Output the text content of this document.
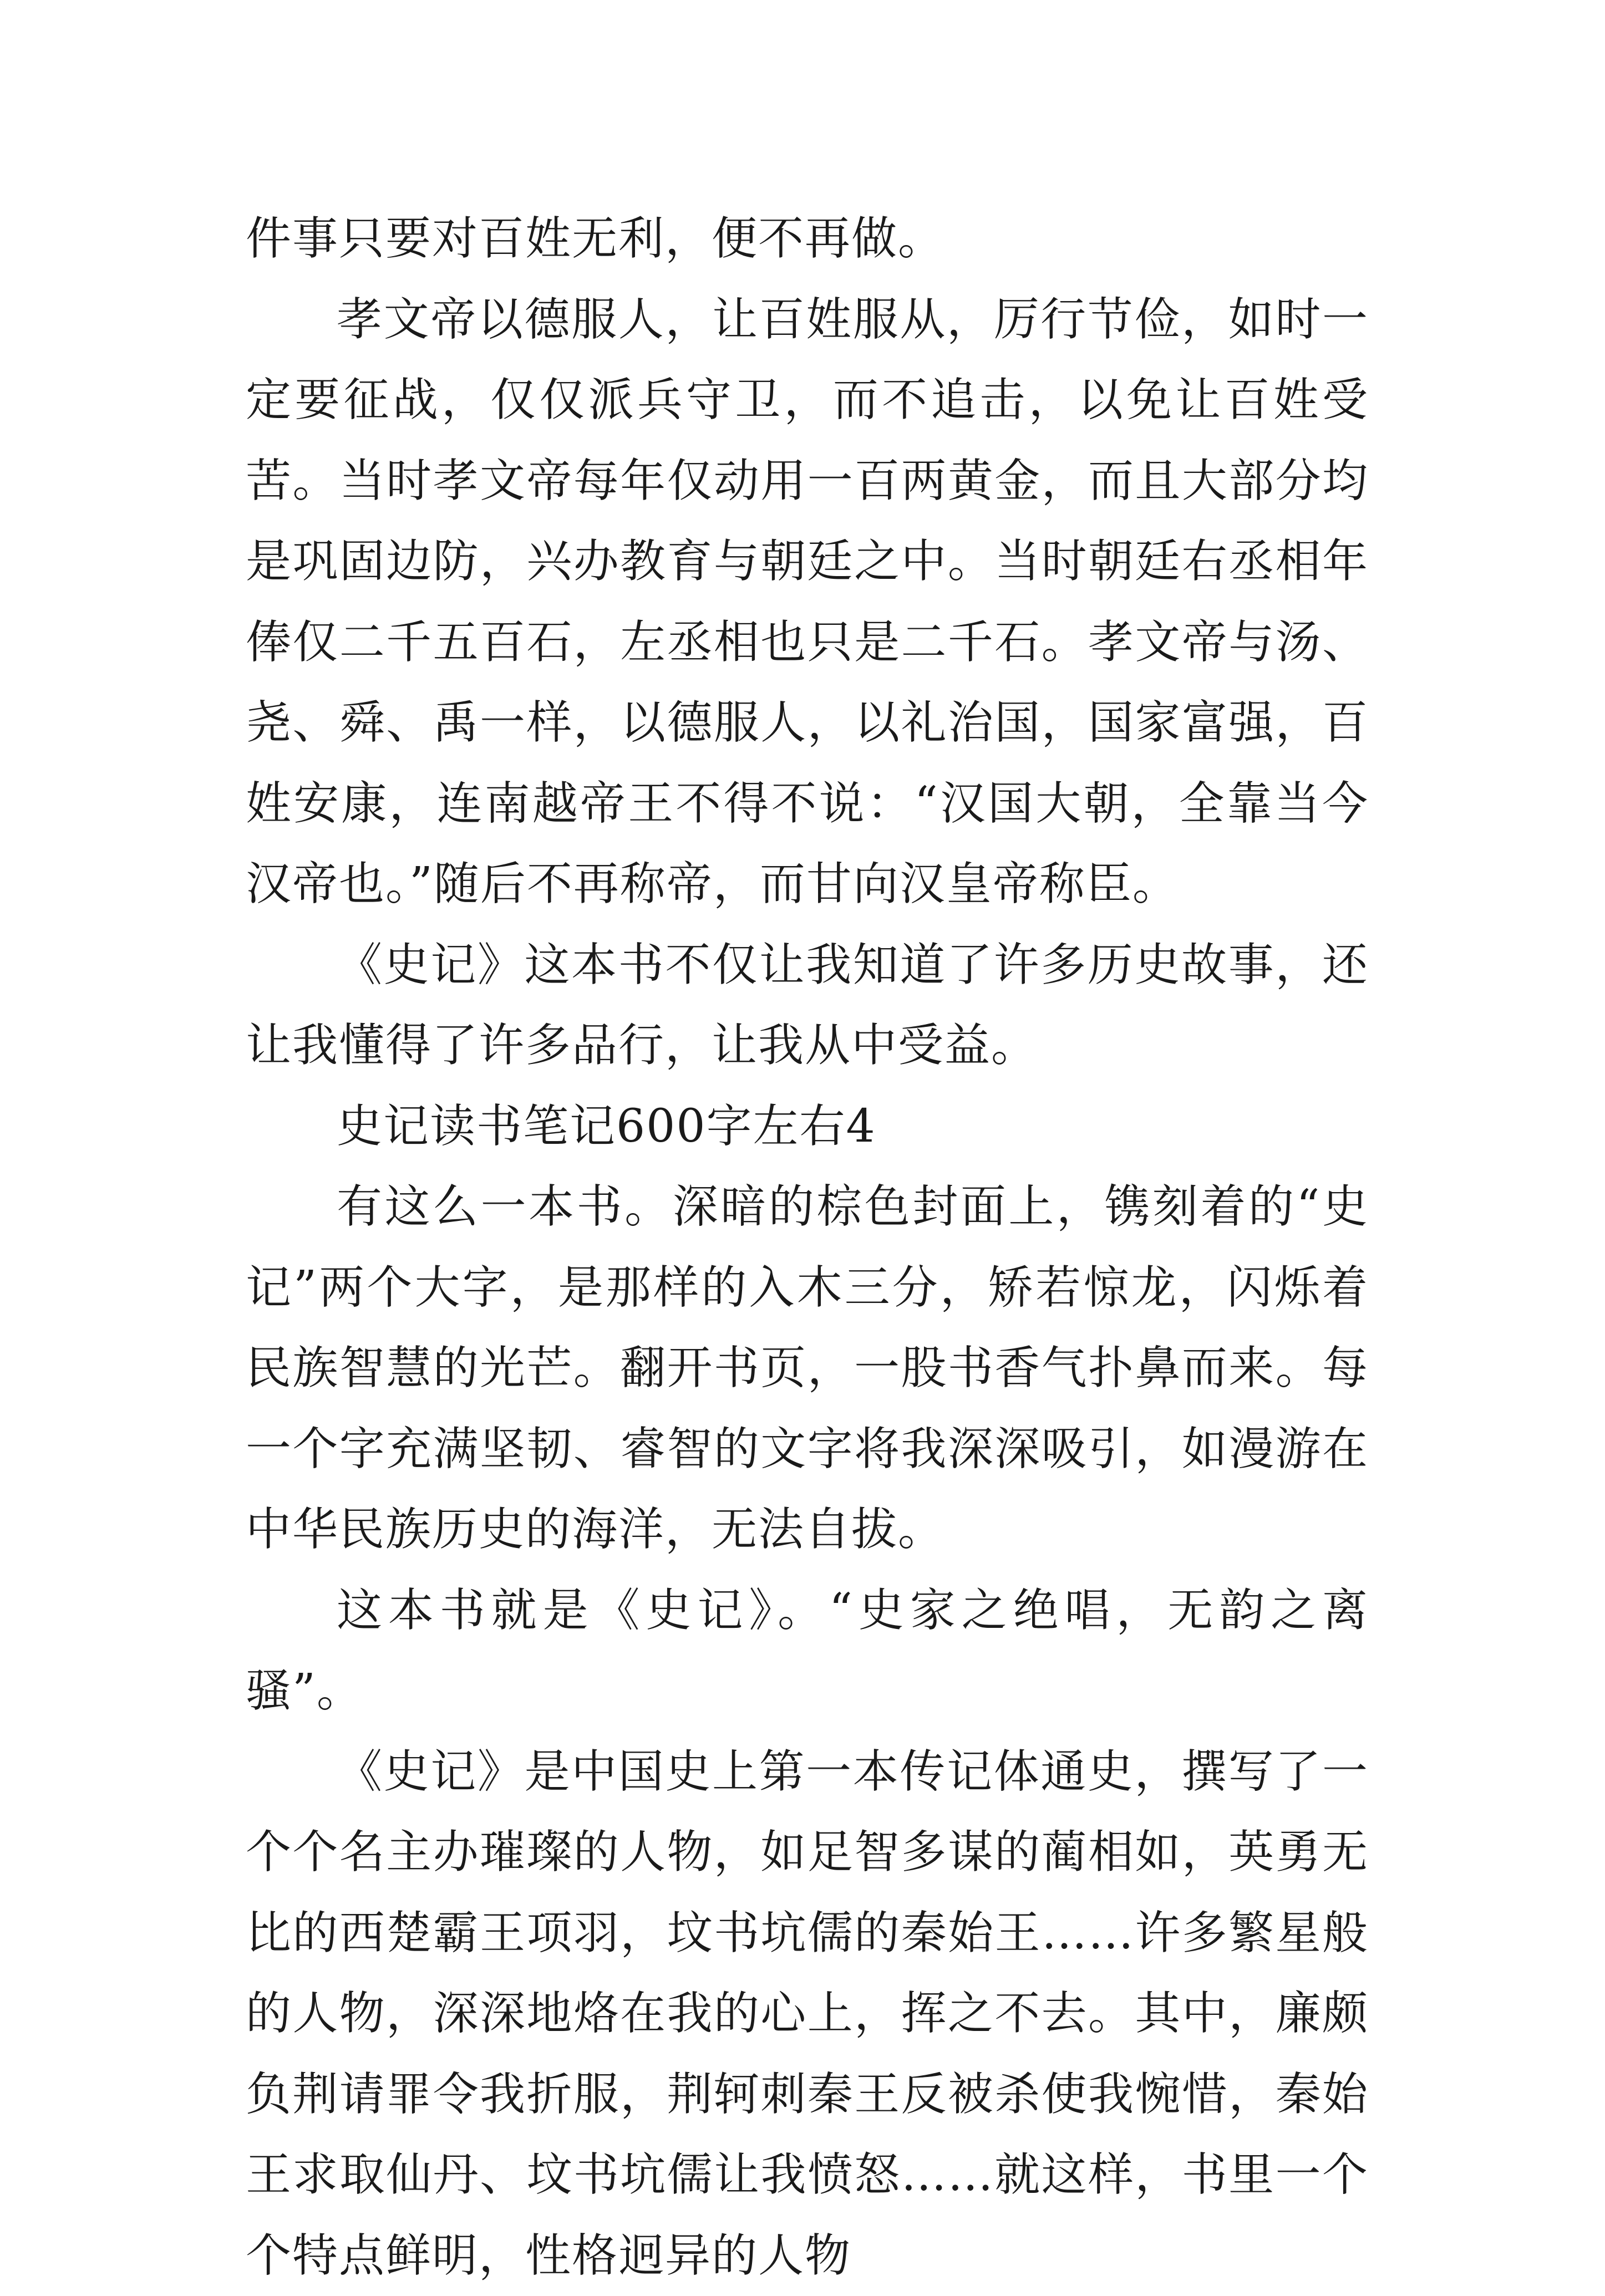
件事只要对百姓无利，便不再做。

孝文帝以德服人，让百姓服从，厉行节俭，如时一定要征战，仅仅派兵守卫，而不追击，以免让百姓受苦。当时孝文帝每年仅动用一百两黄金，而且大部分均是巩固边防，兴办教育与朝廷之中。当时朝廷右丞相年俸仅二千五百石，左丞相也只是二千石。孝文帝与汤、尧、舜、禹一样，以德服人，以礼治国，国家富强，百姓安康，连南越帝王不得不说：“汉国大朝，全靠当今汉帝也。”随后不再称帝，而甘向汉皇帝称臣。

《史记》这本书不仅让我知道了许多历史故事，还让我懂得了许多品行，让我从中受益。

史记读书笔记600字左右4

有这么一本书。深暗的棕色封面上，镌刻着的“史记”两个大字，是那样的入木三分，矫若惊龙，闪烁着民族智慧的光芒。翻开书页，一股书香气扑鼻而来。每一个字充满坚韧、睿智的文字将我深深吸引，如漫游在中华民族历史的海洋，无法自拔。

这本书就是《史记》。“史家之绝唱，无韵之离骚”。

《史记》是中国史上第一本传记体通史，撰写了一个个名主办璀璨的人物，如足智多谋的蔺相如，英勇无比的西楚霸王项羽，坟书坑儒的秦始王……许多繁星般的人物，深深地烙在我的心上，挥之不去。其中，廉颇负荆请罪令我折服，荆轲刺秦王反被杀使我惋惜，秦始王求取仙丹、坟书坑儒让我愤怒……就这样，书里一个个特点鲜明，性格迥异的人物
